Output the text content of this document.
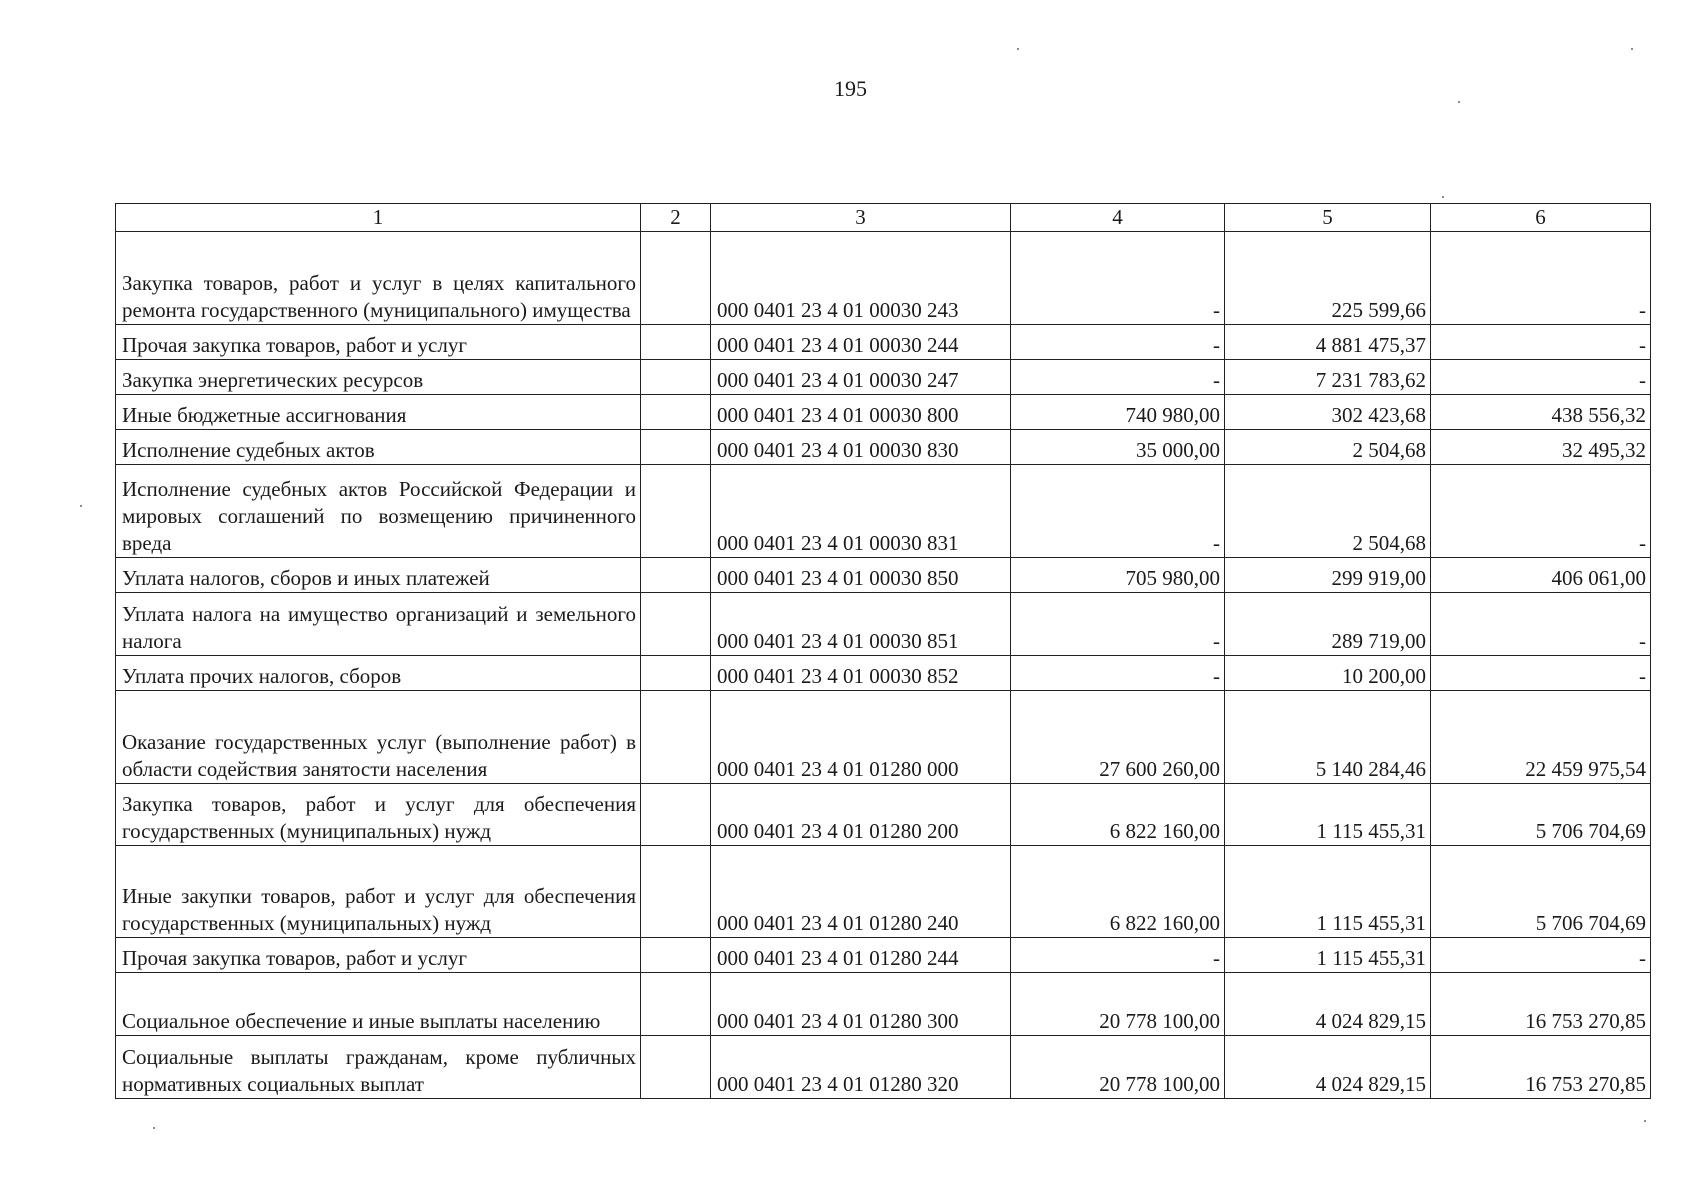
195
1	2	3	4	5	6
Закупка товаров, работ и услуг в целях капитального ремонта государственного (муниципального) имущества		000 0401 23 4 01 00030 243	-	225 599,66	-
Прочая закупка товаров, работ и услуг		000 0401 23 4 01 00030 244	-	4 881 475,37	-
Закупка энергетических ресурсов		000 0401 23 4 01 00030 247	-	7 231 783,62	-
Иные бюджетные ассигнования		000 0401 23 4 01 00030 800	740 980,00	302 423,68	438 556,32
Исполнение судебных актов		000 0401 23 4 01 00030 830	35 000,00	2 504,68	32 495,32
Исполнение судебных актов Российской Федерации и мировых соглашений по возмещению причиненного вреда		000 0401 23 4 01 00030 831	-	2 504,68	-
Уплата налогов, сборов и иных платежей		000 0401 23 4 01 00030 850	705 980,00	299 919,00	406 061,00
Уплата налога на имущество организаций и земельного налога		000 0401 23 4 01 00030 851	-	289 719,00	-
Уплата прочих налогов, сборов		000 0401 23 4 01 00030 852	-	10 200,00	-
Оказание государственных услуг (выполнение работ) в области содействия занятости населения		000 0401 23 4 01 01280 000	27 600 260,00	5 140 284,46	22 459 975,54
Закупка товаров, работ и услуг для обеспечения государственных (муниципальных) нужд		000 0401 23 4 01 01280 200	6 822 160,00	1 115 455,31	5 706 704,69
Иные закупки товаров, работ и услуг для обеспечения государственных (муниципальных) нужд		000 0401 23 4 01 01280 240	6 822 160,00	1 115 455,31	5 706 704,69
Прочая закупка товаров, работ и услуг		000 0401 23 4 01 01280 244	-	1 115 455,31	-
Социальное обеспечение и иные выплаты населению		000 0401 23 4 01 01280 300	20 778 100,00	4 024 829,15	16 753 270,85
Социальные выплаты гражданам, кроме публичных нормативных социальных выплат		000 0401 23 4 01 01280 320	20 778 100,00	4 024 829,15	16 753 270,85
